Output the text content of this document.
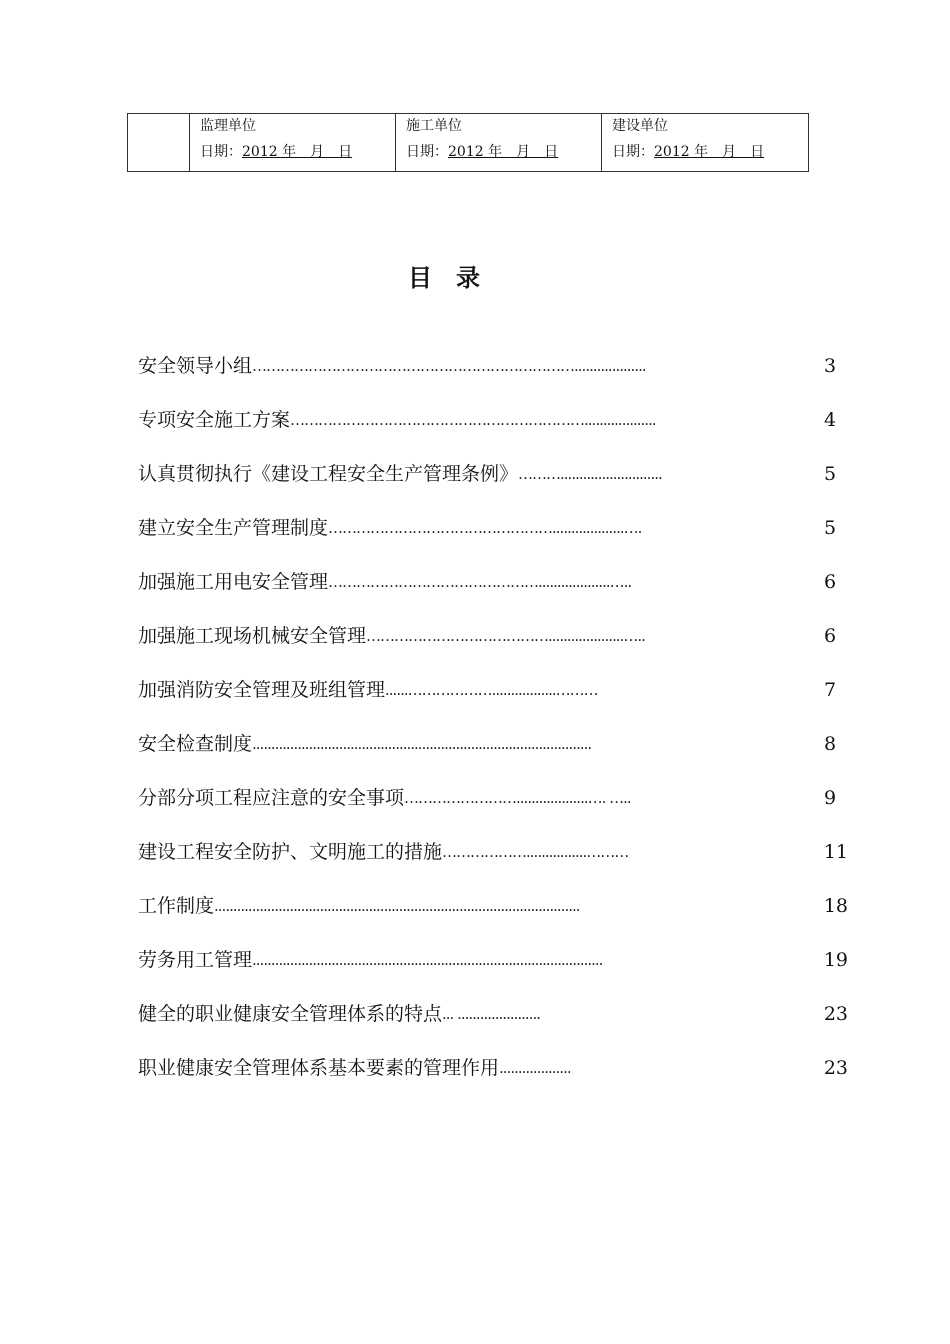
监理单位
日期：2012 年　月　日

施工单位
日期：2012 年　月　日

建设单位
日期：2012 年　月　日
目录
安全领导小组 ……………………………………………………………...................	3
专项安全施工方案 ………………………………………………………...................	4
认真贯彻执行《建设工程安全生产管理条例》 ………...........................	5
建立安全生产管理制度 …………………………………………...................….	5
加强施工用电安全管理 ………………………………………...................…..	6
加强施工现场机械安全管理 …………………………………....................…..	6
加强消防安全管理及班组管理 ......……………….................………	7
安全检查制度 ..........................................................................................	8
分部分项工程应注意的安全事项 ……………………...................…. …..	9
建设工程安全防护、文明施工的措施 ………………................………	11
工作制度 .................................................................................................	18
劳务用工管理 .............................................................................................	19
健全的职业健康安全管理体系的特点 ... ......................	23
职业健康安全管理体系基本要素的管理作用 ...................	23
